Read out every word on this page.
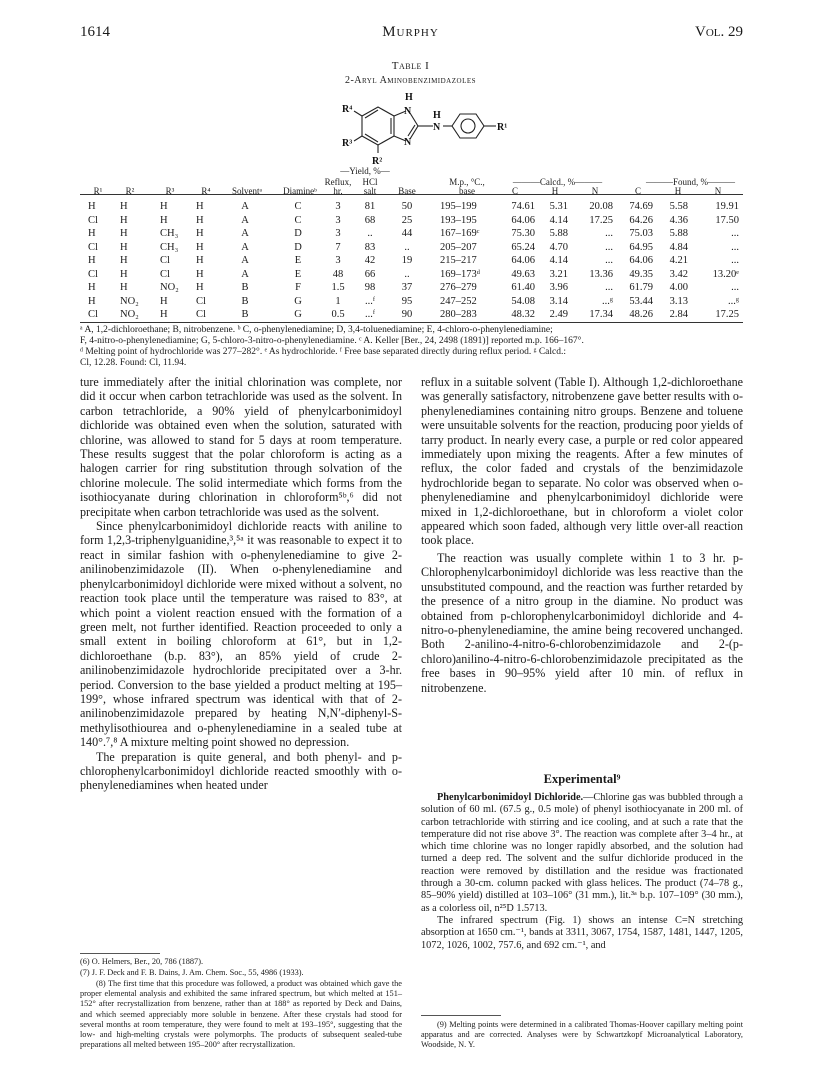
1614	Murphy	Vol. 29
Table I
2-Aryl Aminobenzimidazoles
H
N
N
H
N	R¹
R⁴
R³
R²
—Yield, %—
———Calcd., %———	———Found, %———
Reflux,
hr.
HCl
salt
M.p., °C.,
base
R¹	R²	R³	R⁴	Solventᵃ	Diamineᵇ	Base	C	H	N	C	H	N
H	H	H	H	A	C	3	81	50	195–199	74.61	5.31	20.08	74.69	5.58	19.91
Cl	H	H	H	A	C	3	68	25	193–195	64.06	4.14	17.25	64.26	4.36	17.50
H	H	CH₃	H	A	D	3	..	44	167–169ᶜ	75.30	5.88	...	75.03	5.88	...
Cl	H	CH₃	H	A	D	7	83	..	205–207	65.24	4.70	...	64.95	4.84	...
H	H	Cl	H	A	E	3	42	19	215–217	64.06	4.14	...	64.06	4.21	...
Cl	H	Cl	H	A	E	48	66	..	169–173ᵈ	49.63	3.21	13.36	49.35	3.42	13.20ᵉ
H	H	NO₂	H	B	F	1.5	98	37	276–279	61.40	3.96	...	61.79	4.00	...
H	NO₂	H	Cl	B	G	1	...ᶠ	95	247–252	54.08	3.14	...ᵍ	53.44	3.13	...ᵍ
Cl	NO₂	H	Cl	B	G	0.5	...ᶠ	90	280–283	48.32	2.49	17.34	48.26	2.84	17.25
ᵃ A, 1,2-dichloroethane; B, nitrobenzene. ᵇ C, o-phenylenediamine; D, 3,4-toluenediamine; E, 4-chloro-o-phenylenediamine;
F, 4-nitro-o-phenylenediamine; G, 5-chloro-3-nitro-o-phenylenediamine. ᶜ A. Keller [Ber., 24, 2498 (1891)] reported m.p. 166–167°.
ᵈ Melting point of hydrochloride was 277–282°. ᵉ As hydrochloride. ᶠ Free base separated directly during reflux period. ᵍ Calcd.:
Cl, 12.28. Found: Cl, 11.94.

ture immediately after the initial chlorination was complete, nor did it occur when carbon tetrachloride was used as the solvent. In carbon tetrachloride, a 90% yield of phenylcarbonimidoyl dichloride was obtained even when the solution, saturated with chlorine, was allowed to stand for 5 days at room temperature. These results suggest that the polar chloroform is acting as a halogen carrier for ring substitution through solvation of the chlorine molecule. The solid intermediate which forms from the isothiocyanate during chlorination in chloroform⁵ᵇ,⁶ did not precipitate when carbon tetrachloride was used as the solvent.

Since phenylcarbonimidoyl dichloride reacts with aniline to form 1,2,3-triphenylguanidine,³,⁵ᵃ it was reasonable to expect it to react in similar fashion with o-phenylenediamine to give 2-anilinobenzimidazole (II). When o-phenylenediamine and phenylcarbonimidoyl dichloride were mixed without a solvent, no reaction took place until the temperature was raised to 83°, at which point a violent reaction ensued with the formation of a green melt, not further identified. Reaction proceeded to only a small extent in boiling chloroform at 61°, but in 1,2-dichloroethane (b.p. 83°), an 85% yield of crude 2-anilinobenzimidazole hydrochloride precipitated over a 3-hr. period. Conversion to the base yielded a product melting at 195–199°, whose infrared spectrum was identical with that of 2-anilinobenzimidazole prepared by heating N,N′-diphenyl-S-methylisothiourea and o-phenylenediamine in a sealed tube at 140°.⁷,⁸ A mixture melting point showed no depression.

The preparation is quite general, and both phenyl- and p-chlorophenylcarbonimidoyl dichloride reacted smoothly with o-phenylenediamines when heated under

(6) O. Helmers, Ber., 20, 786 (1887).
(7) J. F. Deck and F. B. Dains, J. Am. Chem. Soc., 55, 4986 (1933).
(8) The first time that this procedure was followed, a product was obtained which gave the proper elemental analysis and exhibited the same infrared spectrum, but which melted at 151–152° after recrystallization from benzene, rather than at 188° as reported by Deck and Dains, and which seemed appreciably more soluble in benzene. After these crystals had stood for several months at room temperature, they were found to melt at 193–195°, suggesting that the low- and high-melting crystals were polymorphs. The products of subsequent sealed-tube preparations all melted between 195–200° after recrystallization.

reflux in a suitable solvent (Table I). Although 1,2-dichloroethane was generally satisfactory, nitrobenzene gave better results with o-phenylenediamines containing nitro groups. Benzene and toluene were unsuitable solvents for the reaction, producing poor yields of tarry product. In nearly every case, a purple or red color appeared immediately upon mixing the reagents. After a few minutes of reflux, the color faded and crystals of the benzimidazole hydrochloride began to separate. No color was observed when o-phenylenediamine and phenylcarbonimidoyl dichloride were mixed in 1,2-dichloroethane, but in chloroform a violet color appeared which soon faded, although very little over-all reaction took place.

The reaction was usually complete within 1 to 3 hr. p-Chlorophenylcarbonimidoyl dichloride was less reactive than the unsubstituted compound, and the reaction was further retarded by the presence of a nitro group in the diamine. No product was obtained from p-chlorophenylcarbonimidoyl dichloride and 4-nitro-o-phenylenediamine, the amine being recovered unchanged. Both 2-anilino-4-nitro-6-chlorobenzimidazole and 2-(p-chloro)anilino-4-nitro-6-chlorobenzimidazole precipitated as the free bases in 90–95% yield after 10 min. of reflux in nitrobenzene.

Experimental⁹

Phenylcarbonimidoyl Dichloride.—Chlorine gas was bubbled through a solution of 60 ml. (67.5 g., 0.5 mole) of phenyl isothiocyanate in 200 ml. of carbon tetrachloride with stirring and ice cooling, and at such a rate that the temperature did not rise above 3°. The reaction was complete after 3–4 hr., at which time chlorine was no longer rapidly absorbed, and the solution had turned a deep red. The solvent and the sulfur dichloride produced in the reaction were removed by distillation and the residue was fractionated through a 30-cm. column packed with glass helices. The product (74–78 g., 85–90% yield) distilled at 103–106° (31 mm.), lit.³ᵃ b.p. 107–109° (30 mm.), as a colorless oil, n²⁵D 1.5713.

The infrared spectrum (Fig. 1) shows an intense C=N stretching absorption at 1650 cm.⁻¹, bands at 3311, 3067, 1754, 1587, 1481, 1447, 1205, 1072, 1026, 1002, 757.6, and 692 cm.⁻¹, and

(9) Melting points were determined in a calibrated Thomas-Hoover capillary melting point apparatus and are corrected. Analyses were by Schwartzkopf Microanalytical Laboratory, Woodside, N. Y.
